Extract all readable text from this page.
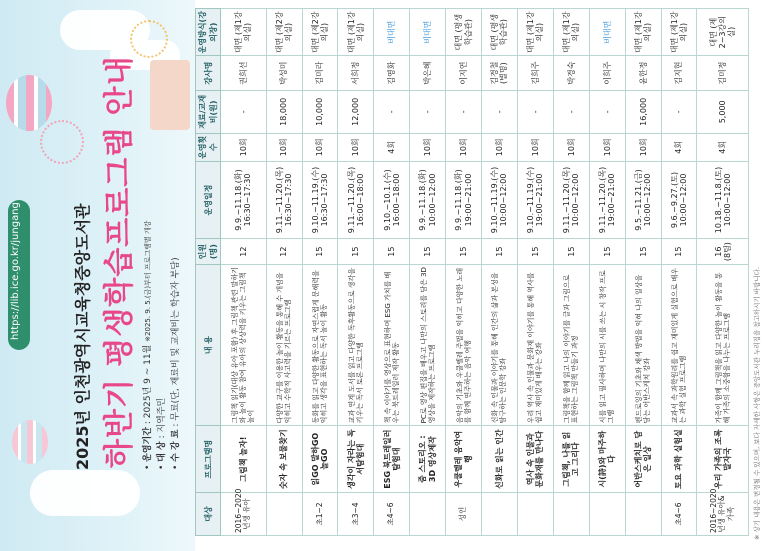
https://lib.ice.go.kr/jungang	2025년 인천광역시교육청중앙도서관 하반기 평생학습프로그램 안내 • 운영기간 : 2025년 9 ~ 11월 ※2025. 9. 5.(금)부터 프로그램별 개강
• 대 상 : 지역주민
• 수 강 료 : 무료(단, 재료비 및 교재비는 학습자 부담)
대상	프로그램명	내 용	인원(명)	운영일정	운영횟수	재료/교재비(원)	강사명	운영방식(강의장)
2016~2020년생 유아	그림책 놀자!	그림책 읽기(대상 유아 포함) 후 그림책 관련 말하기와 놀이 활동 참여 유아의 상상력을 키우는 그림책 놀이	12	9.9.~11.18.(화) 16:30~17:30	10회	-	권희선	대면 (제1강의실)
	숫자 속 보물찾기	다양한 교구를 이용한 놀이 활동을 통해 수 개념을 익히고 수학적 사고력을 기르는 프로그램	12	9.11.~11.20.(목) 16:30~17:30	10회	18,000	박성미	대면 (제2강의실)
초1~2	읽GO 말하GO 놀GO	동화를 읽고 다양한 활동으로 자연스럽게 문해력을 익히고 생각을 표현하는 독서 놀이 활동	15	9.10.~11.19.(수) 16:30~17:30	10회	10,000	김미라	대면 (제2강의실)
초3~4	생각이 자라는 독서탐험대	교과 연계 도서를 읽고 다양한 독후활동으로 생각을 키우는 독서 토론 프로그램	15	9.11.~11.20.(목) 16:00~18:00	10회	12,000	서희정	대면 (제1강의실)
초4~6	ESG 북트레일러 탐험대	책 속 이야기를 영상으로 표현하며 ESG 가치를 배우는 북트레일러 제작 활동	15	9.10.~10.1.(수) 16:00~18:00	4회	-	김영화	비대면
	줌 스토리오 : 3D 영상제작	PC로 영상 편집을 배우고 나만의 스토리를 담은 3D 영상을 제작하는 프로그램	15	9.9.~11.18.(화) 10:00~12:00	10회	-	박은혜	비대면
성인	우쿨렐레 음악여행	음악의 기초와 우쿨렐레 주법을 익히고 다양한 노래를 함께 연주하는 음악 여행	15	9.9.~11.18.(화) 19:00~21:00	10회	-	이지연	대면 (평생학습관)
	신화로 읽는 인간	신화 속 인물과 이야기를 통해 인간의 삶과 본성을 탐구하는 인문학 강좌	15	9.10.~11.19.(수) 10:00~12:00	10회	-	김경철(별명)	대면 (평생학습관)
	역사 속 인물과 문화재를 만나다	우리 역사 속 인물과 문화재 이야기를 통해 역사를 쉽고 재미있게 배우는 강좌	15	9.10.~11.19.(수) 19:00~21:00	10회	-	김희주	대면 (제1강의실)
	그림책, 나를 읽고 그리다	그림책을 함께 읽고 나의 이야기를 글과 그림으로 표현하는 그림책 만들기 과정	15	9.11.~11.20.(목) 10:00~12:00	10회	-	박경숙	대면 (제1강의실)
	시(詩)와 마주하다	시를 읽고 필사하며 나만의 시를 쓰는 시 창작 프로그램	15	9.11.~11.20.(목) 19:00~21:00	10회	-	이희주	비대면
	어반스케치로 담은 일상	펜드로잉의 기초와 채색 방법을 익혀 나의 일상을 담는 어반스케치 강좌	15	9.5.~11.21.(금) 10:00~12:00	10회	16,000	윤한정	대면 (제1강의실)
초4~6	토요 과학 실험실	교과서 속 과학원리를 쉽고 재미있게 실험으로 배우는 과학 실험 프로그램	15	9.6.~9.27.(토) 10:00~12:00	4회	-	김지현	대면 (제1강의실)
2016~2020년생 유아&가족	우리 가족의 조록말자국	가족이 함께 그림책을 읽고 다양한 놀이 활동을 통해 가족의 소중함을 나누는 프로그램	16 (8팀)	10.18.~11.8.(토) 10:00~12:00	4회	5,000	김미정	대면 (제2~3강의실)
※ 상기 내용은 변경될 수 있으며, 보다 자세한 사항은 중앙도서관 누리집을 참고하시기 바랍니다.
